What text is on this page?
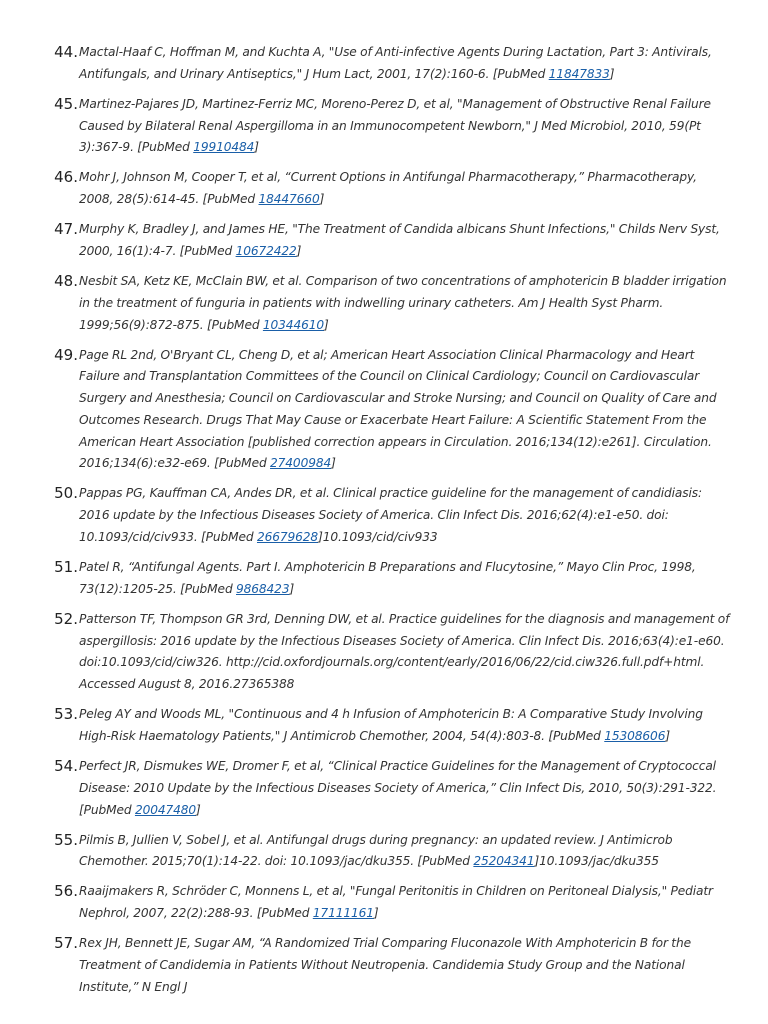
44. Mactal-Haaf C, Hoffman M, and Kuchta A, "Use of Anti-infective Agents During Lactation, Part 3: Antivirals, Antifungals, and Urinary Antiseptics," J Hum Lact, 2001, 17(2):160-6. [PubMed 11847833]
45. Martinez-Pajares JD, Martinez-Ferriz MC, Moreno-Perez D, et al, "Management of Obstructive Renal Failure Caused by Bilateral Renal Aspergilloma in an Immunocompetent Newborn," J Med Microbiol, 2010, 59(Pt 3):367-9. [PubMed 19910484]
46. Mohr J, Johnson M, Cooper T, et al, “Current Options in Antifungal Pharmacotherapy,” Pharmacotherapy, 2008, 28(5):614-45. [PubMed 18447660]
47. Murphy K, Bradley J, and James HE, "The Treatment of Candida albicans Shunt Infections," Childs Nerv Syst, 2000, 16(1):4-7. [PubMed 10672422]
48. Nesbit SA, Ketz KE, McClain BW, et al. Comparison of two concentrations of amphotericin B bladder irrigation in the treatment of funguria in patients with indwelling urinary catheters. Am J Health Syst Pharm. 1999;56(9):872-875. [PubMed 10344610]
49. Page RL 2nd, O'Bryant CL, Cheng D, et al; American Heart Association Clinical Pharmacology and Heart Failure and Transplantation Committees of the Council on Clinical Cardiology; Council on Cardiovascular Surgery and Anesthesia; Council on Cardiovascular and Stroke Nursing; and Council on Quality of Care and Outcomes Research. Drugs That May Cause or Exacerbate Heart Failure: A Scientific Statement From the American Heart Association [published correction appears in Circulation. 2016;134(12):e261]. Circulation. 2016;134(6):e32-e69. [PubMed 27400984]
50. Pappas PG, Kauffman CA, Andes DR, et al. Clinical practice guideline for the management of candidiasis: 2016 update by the Infectious Diseases Society of America. Clin Infect Dis. 2016;62(4):e1-e50. doi: 10.1093/cid/civ933. [PubMed 26679628]10.1093/cid/civ933
51. Patel R, “Antifungal Agents. Part I. Amphotericin B Preparations and Flucytosine,” Mayo Clin Proc, 1998, 73(12):1205-25. [PubMed 9868423]
52. Patterson TF, Thompson GR 3rd, Denning DW, et al. Practice guidelines for the diagnosis and management of aspergillosis: 2016 update by the Infectious Diseases Society of America. Clin Infect Dis. 2016;63(4):e1-e60. doi:10.1093/cid/ciw326. http://cid.oxfordjournals.org/content/early/2016/06/22/cid.ciw326.full.pdf+html. Accessed August 8, 2016.27365388
53. Peleg AY and Woods ML, "Continuous and 4 h Infusion of Amphotericin B: A Comparative Study Involving High-Risk Haematology Patients," J Antimicrob Chemother, 2004, 54(4):803-8. [PubMed 15308606]
54. Perfect JR, Dismukes WE, Dromer F, et al, “Clinical Practice Guidelines for the Management of Cryptococcal Disease: 2010 Update by the Infectious Diseases Society of America,” Clin Infect Dis, 2010, 50(3):291-322. [PubMed 20047480]
55. Pilmis B, Jullien V, Sobel J, et al. Antifungal drugs during pregnancy: an updated review. J Antimicrob Chemother. 2015;70(1):14-22. doi: 10.1093/jac/dku355. [PubMed 25204341]10.1093/jac/dku355
56. Raaijmakers R, Schröder C, Monnens L, et al, "Fungal Peritonitis in Children on Peritoneal Dialysis," Pediatr Nephrol, 2007, 22(2):288-93. [PubMed 17111161]
57. Rex JH, Bennett JE, Sugar AM, “A Randomized Trial Comparing Fluconazole With Amphotericin B for the Treatment of Candidemia in Patients Without Neutropenia. Candidemia Study Group and the National Institute,” N Engl J
